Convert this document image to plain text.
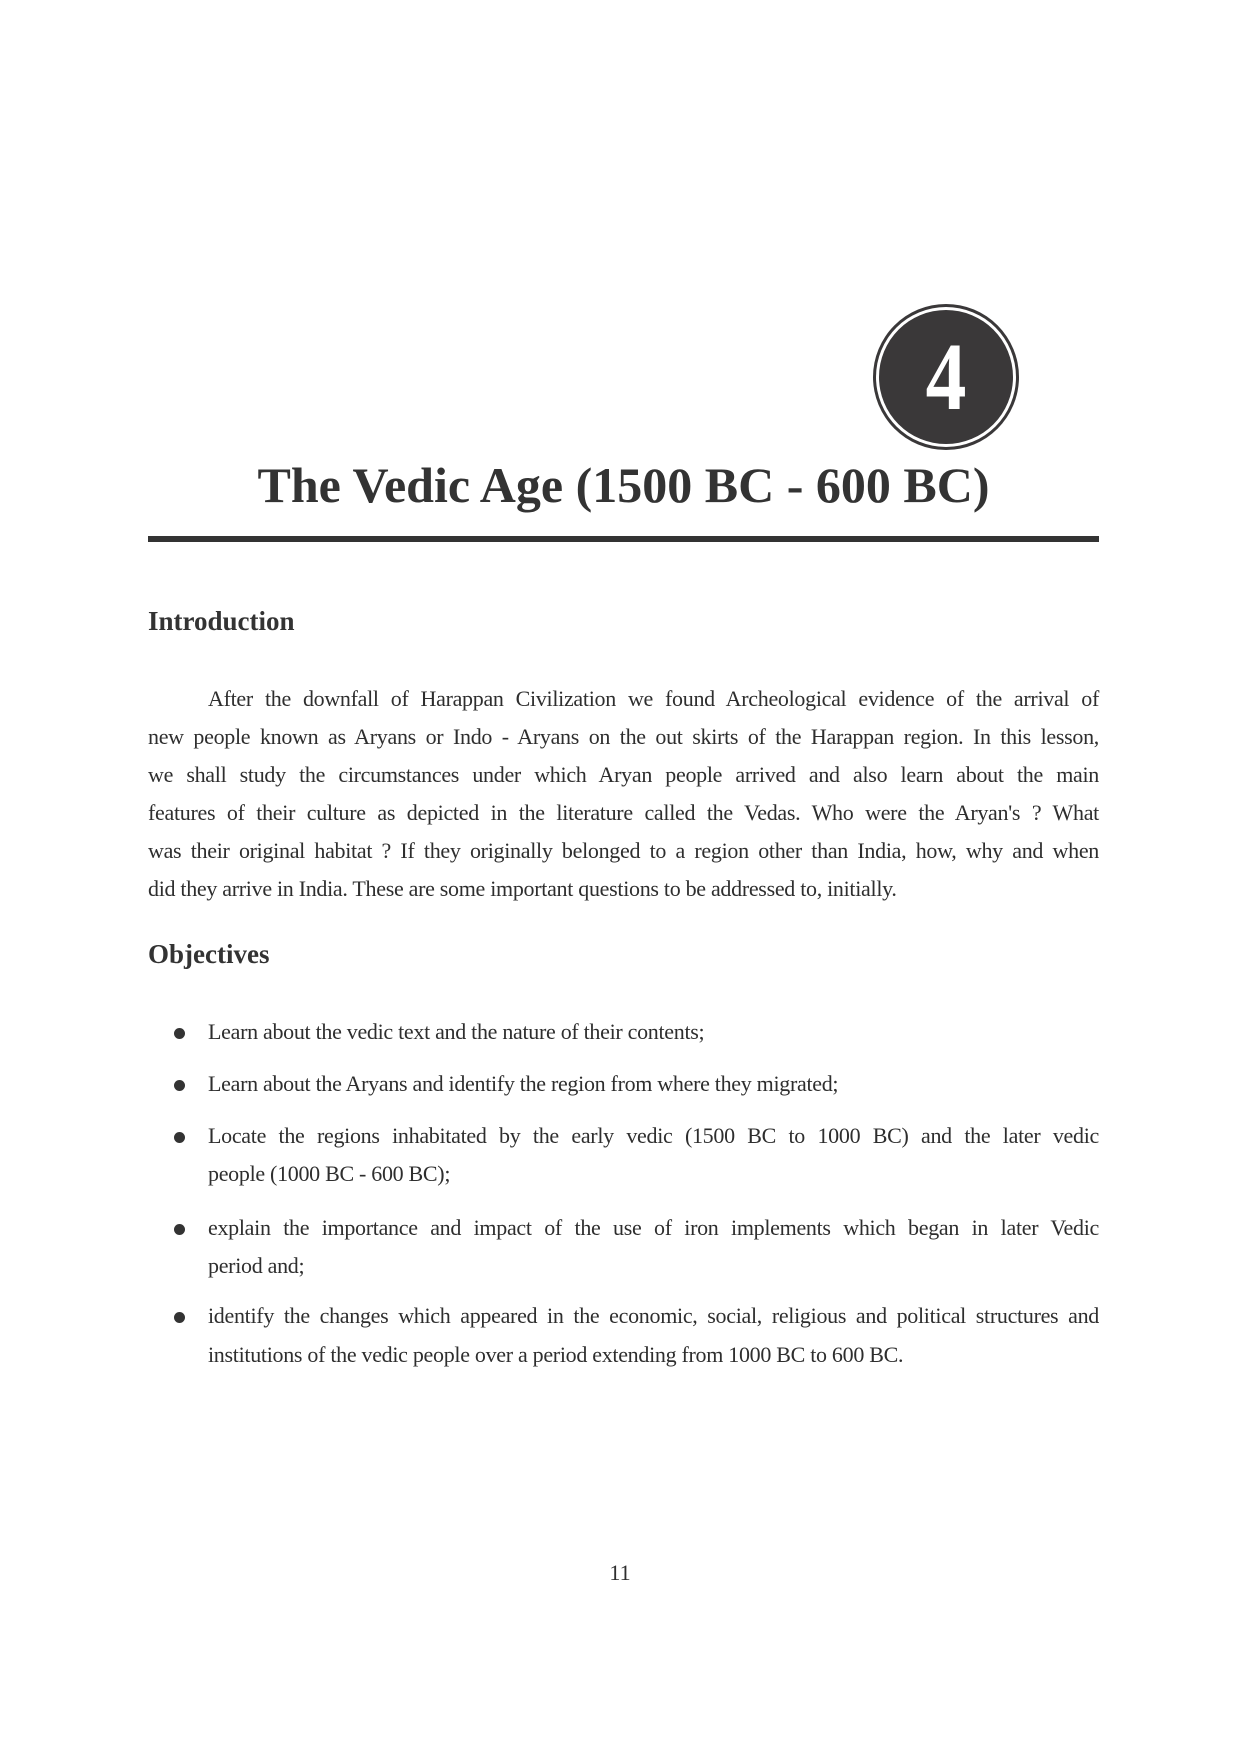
4
The Vedic Age (1500 BC - 600 BC)
Introduction
After the downfall of Harappan Civilization we found Archeological evidence of the arrival of
new people known as Aryans or Indo - Aryans on the out skirts of the Harappan region. In this lesson,
we shall study the circumstances under which Aryan people arrived and also learn about the main
features of their culture as depicted in the literature called the Vedas. Who were the Aryan's ? What
was their original habitat ? If they originally belonged to a region other than India, how, why and when
did they arrive in India. These are some important questions to be addressed to, initially.
Objectives
Learn about the vedic text and the nature of their contents;
Learn about the Aryans and identify the region from where they migrated;
Locate the regions inhabitated by the early vedic (1500 BC to 1000 BC) and the later vedic
people (1000 BC - 600 BC);
explain the importance and impact of the use of iron implements which began in later Vedic
period and;
identify the changes which appeared in the economic, social, religious and political structures and
institutions of the vedic people over a period extending from 1000 BC to 600 BC.
11
